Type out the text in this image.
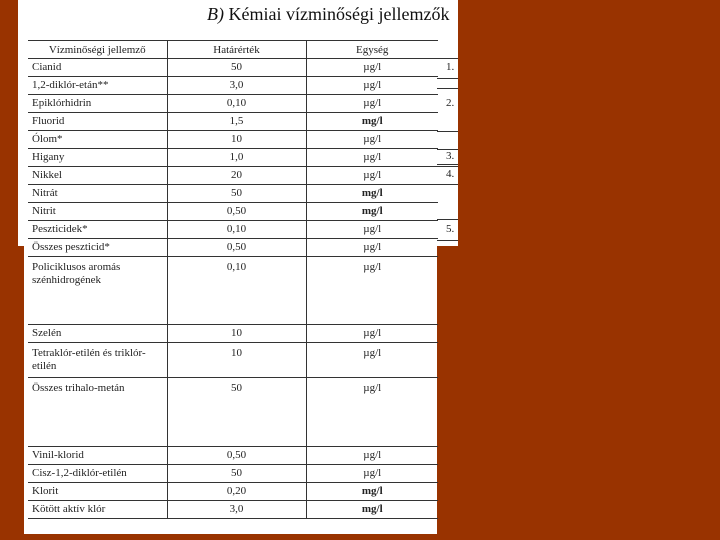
B) Kémiai vízminőségi jellemzők
Vízminőségi jellemző	Határérték	Egység
Cianid	50	µg/l
1,2-diklór-etán**	3,0	µg/l
Epiklórhidrin	0,10	µg/l
Fluorid	1,5	mg/l
Ólom*	10	µg/l
Higany	1,0	µg/l
Nikkel	20	µg/l
Nitrát	50	mg/l
Nitrit	0,50	mg/l
Peszticidek*	0,10	µg/l
Összes peszticid*	0,50	µg/l
Policiklusos aromás szénhidrogének	0,10	µg/l
Szelén	10	µg/l
Tetraklór-etilén és triklór-etilén	10	µg/l
Összes trihalo-metán	50	µg/l
Vinil-klorid	0,50	µg/l
Cisz-1,2-diklór-etilén	50	µg/l
Klorit	0,20	mg/l
Kötött aktív klór	3,0	mg/l
1.
2.
3.
4.
5.
